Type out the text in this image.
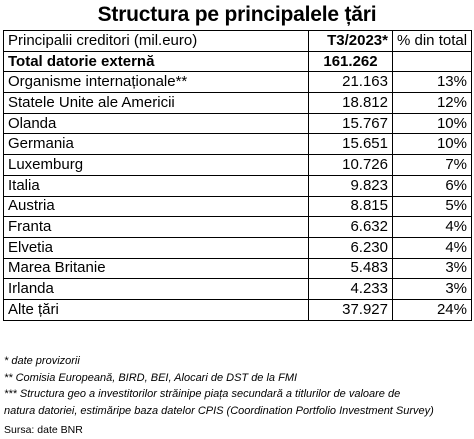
Structura pe principalele țări
Principalii creditori (mil.euro)	T3/2023*	% din total
Total datorie externă	161.262	
Organisme internaționale**	21.163	13%
Statele Unite ale Americii	18.812	12%
Olanda	15.767	10%
Germania	15.651	10%
Luxemburg	10.726	7%
Italia	9.823	6%
Austria	8.815	5%
Franta	6.632	4%
Elvetia	6.230	4%
Marea Britanie	5.483	3%
Irlanda	4.233	3%
Alte țări	37.927	24%
* date provizorii
** Comisia Europeană, BIRD, BEI, Alocari de DST de la FMI
*** Structura geo a investitorilor străinipe piața secundară a titlurilor de valoare de
natura datoriei, estimăripe baza datelor CPIS (Coordination Portfolio Investment Survey)
Sursa: date BNR
